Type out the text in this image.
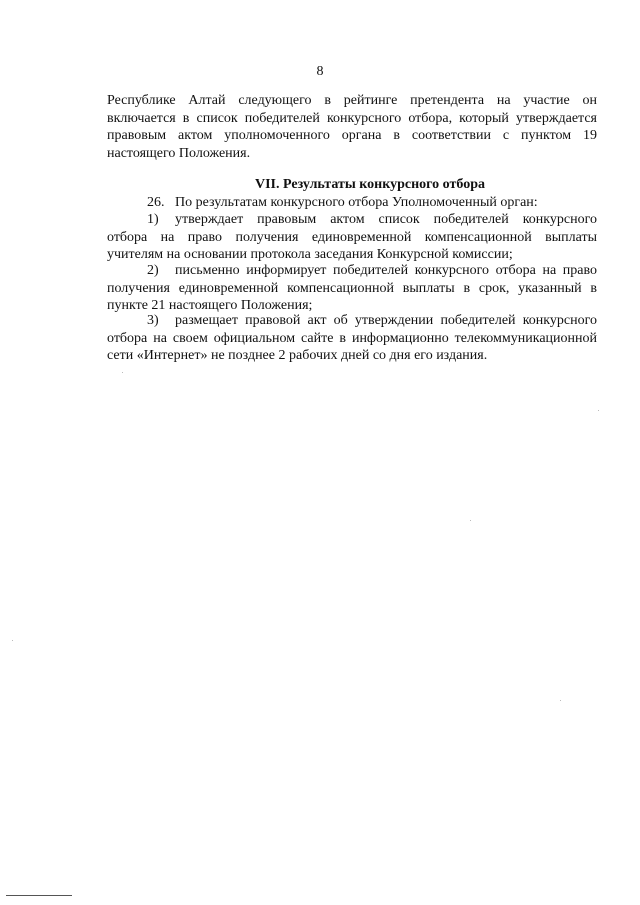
8
Республике Алтай следующего в рейтинге претендента на участие он
включается в список победителей конкурсного отбора, который утверждается
правовым актом уполномоченного органа в соответствии с пунктом 19
настоящего Положения.
VII. Результаты конкурсного отбора
26. По результатам конкурсного отбора Уполномоченный орган:
1) утверждает правовым актом список победителей конкурсного
отбора на право получения единовременной компенсационной выплаты
учителям на основании протокола заседания Конкурсной комиссии;
2) письменно информирует победителей конкурсного отбора на право
получения единовременной компенсационной выплаты в срок, указанный в
пункте 21 настоящего Положения;
3) размещает правовой акт об утверждении победителей конкурсного
отбора на своем официальном сайте в информационно телекоммуникационной
сети «Интернет» не позднее 2 рабочих дней со дня его издания.
